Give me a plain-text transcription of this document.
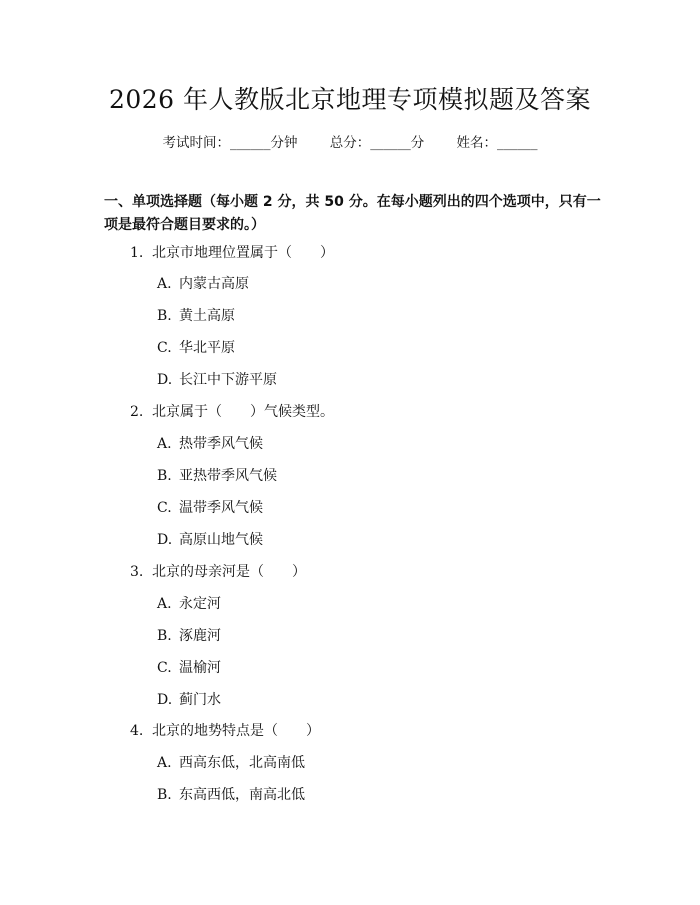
2026 年人教版北京地理专项模拟题及答案
考试时间：______分钟 总分：______分 姓名：______
一、单项选择题（每小题 2 分，共 50 分。在每小题列出的四个选项中，只有一项是最符合题目要求的。）
1. 北京市地理位置属于（　　）
A. 内蒙古高原
B. 黄土高原
C. 华北平原
D. 长江中下游平原
2. 北京属于（　　）气候类型。
A. 热带季风气候
B. 亚热带季风气候
C. 温带季风气候
D. 高原山地气候
3. 北京的母亲河是（　　）
A. 永定河
B. 涿鹿河
C. 温榆河
D. 蓟门水
4. 北京的地势特点是（　　）
A. 西高东低，北高南低
B. 东高西低，南高北低
